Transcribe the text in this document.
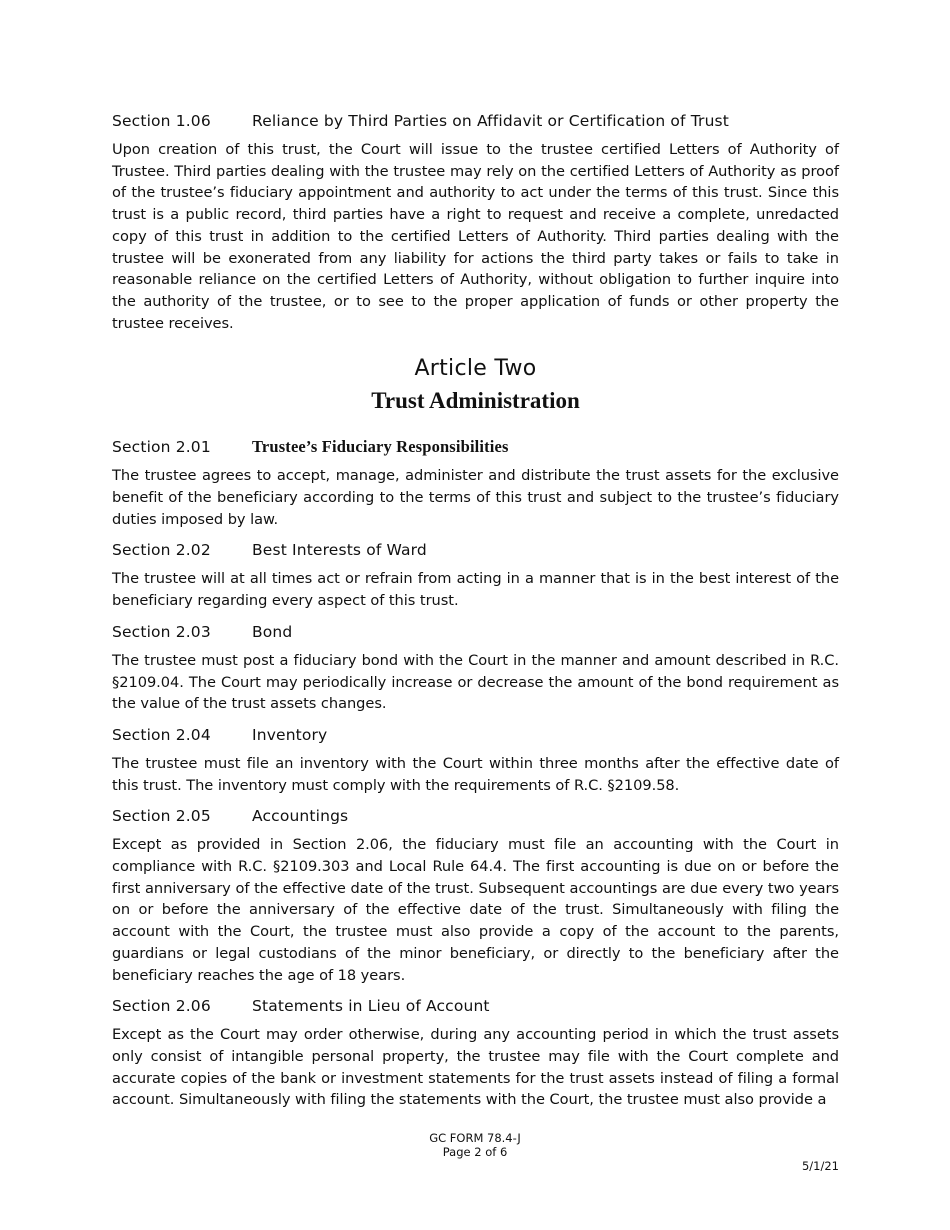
Section 1.06	Reliance by Third Parties on Affidavit or Certification of Trust

Upon creation of this trust, the Court will issue to the trustee certified Letters of Authority of Trustee. Third parties dealing with the trustee may rely on the certified Letters of Authority as proof of the trustee’s fiduciary appointment and authority to act under the terms of this trust. Since this trust is a public record, third parties have a right to request and receive a complete, unredacted copy of this trust in addition to the certified Letters of Authority. Third parties dealing with the trustee will be exonerated from any liability for actions the third party takes or fails to take in reasonable reliance on the certified Letters of Authority, without obligation to further inquire into the authority of the trustee, or to see to the proper application of funds or other property the trustee receives.

Article Two
Trust Administration
Section 2.01	Trustee’s Fiduciary Responsibilities

The trustee agrees to accept, manage, administer and distribute the trust assets for the exclusive benefit of the beneficiary according to the terms of this trust and subject to the trustee’s fiduciary duties imposed by law.

Section 2.02	Best Interests of Ward

The trustee will at all times act or refrain from acting in a manner that is in the best interest of the beneficiary regarding every aspect of this trust.

Section 2.03	Bond

The trustee must post a fiduciary bond with the Court in the manner and amount described in R.C. §2109.04. The Court may periodically increase or decrease the amount of the bond requirement as the value of the trust assets changes.

Section 2.04	Inventory

The trustee must file an inventory with the Court within three months after the effective date of this trust. The inventory must comply with the requirements of R.C. §2109.58.

Section 2.05	Accountings

Except as provided in Section 2.06, the fiduciary must file an accounting with the Court in compliance with R.C. §2109.303 and Local Rule 64.4. The first accounting is due on or before the first anniversary of the effective date of the trust. Subsequent accountings are due every two years on or before the anniversary of the effective date of the trust. Simultaneously with filing the account with the Court, the trustee must also provide a copy of the account to the parents, guardians or legal custodians of the minor beneficiary, or directly to the beneficiary after the beneficiary reaches the age of 18 years.

Section 2.06	Statements in Lieu of Account

Except as the Court may order otherwise, during any accounting period in which the trust assets only consist of intangible personal property, the trustee may file with the Court complete and accurate copies of the bank or investment statements for the trust assets instead of filing a formal account. Simultaneously with filing the statements with the Court, the trustee must also provide a

GC FORM 78.4-J
Page 2 of 6
5/1/21
